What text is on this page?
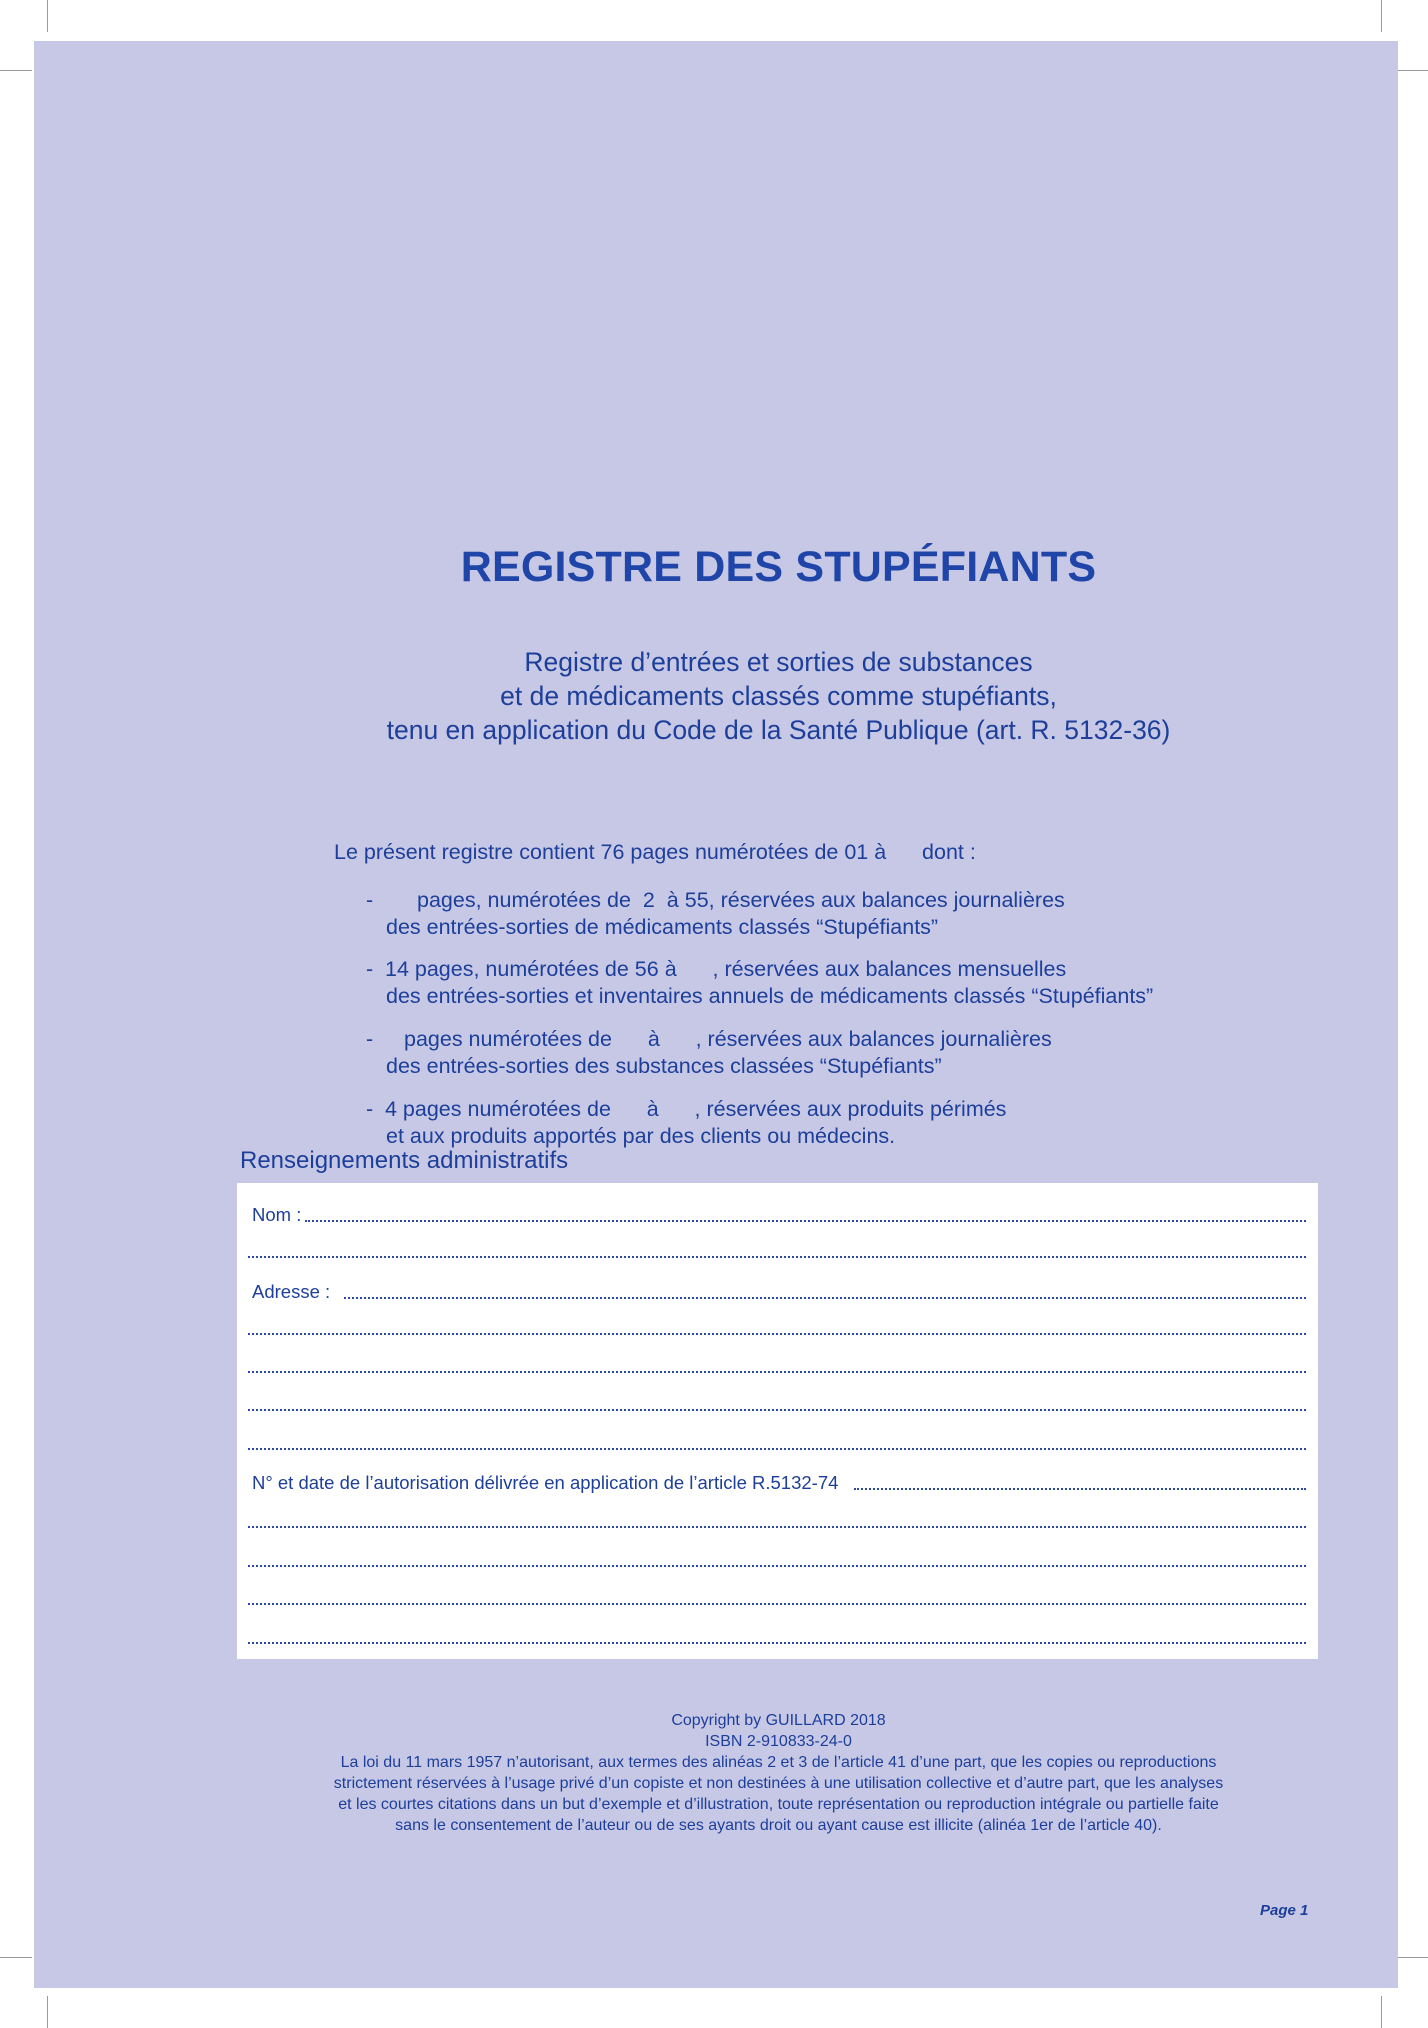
REGISTRE DES STUPÉFIANTS
Registre d’entrées et sorties de substances
et de médicaments classés comme stupéfiants,
tenu en application du Code de la Santé Publique (art. R. 5132-36)
Le présent registre contient 76 pages numérotées de 01 à      dont :
- pages, numérotées de  2  à 55, réservées aux balances journalières
des entrées-sorties de médicaments classés “Stupéfiants”
- 14 pages, numérotées de 56 à      , réservées aux balances mensuelles
des entrées-sorties et inventaires annuels de médicaments classés “Stupéfiants”
- pages numérotées de      à      , réservées aux balances journalières
des entrées-sorties des substances classées “Stupéfiants”
- 4 pages numérotées de      à      , réservées aux produits périmés
et aux produits apportés par des clients ou médecins.
Renseignements administratifs
Nom :
Adresse :
N° et date de l’autorisation délivrée en application de l’article R.5132-74
Copyright by GUILLARD 2018
ISBN 2-910833-24-0
La loi du 11 mars 1957 n’autorisant, aux termes des alinéas 2 et 3 de l’article 41 d’une part, que les copies ou reproductions
strictement réservées à l’usage privé d’un copiste et non destinées à une utilisation collective et d’autre part, que les analyses
et les courtes citations dans un but d’exemple et d’illustration, toute représentation ou reproduction intégrale ou partielle faite
sans le consentement de l’auteur ou de ses ayants droit ou ayant cause est illicite (alinéa 1er de l’article 40).
Page 1
